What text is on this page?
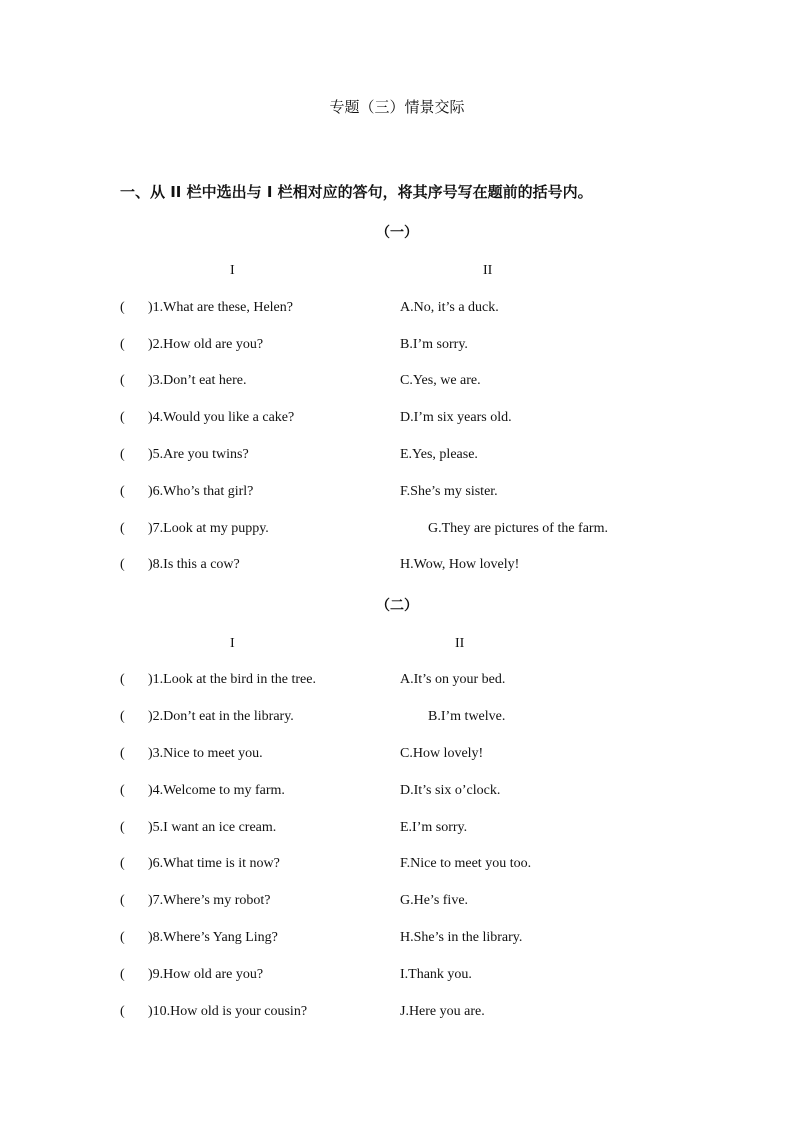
专题（三）情景交际
一、从 II 栏中选出与 I 栏相对应的答句，将其序号写在题前的括号内。
（一）
I	II
( )1.What are these, Helen?	A.No, it’s a duck.
( )2.How old are you?	B.I’m sorry.
( )3.Don’t eat here.	C.Yes, we are.
( )4.Would you like a cake?	D.I’m six years old.
( )5.Are you twins?	E.Yes, please.
( )6.Who’s that girl?	F.She’s my sister.
( )7.Look at my puppy.	G.They are pictures of the farm.
( )8.Is this a cow?	H.Wow, How lovely!
（二）
I	II
( )1.Look at the bird in the tree.	A.It’s on your bed.
( )2.Don’t eat in the library.	B.I’m twelve.
( )3.Nice to meet you.	C.How lovely!
( )4.Welcome to my farm.	D.It’s six o’clock.
( )5.I want an ice cream.	E.I’m sorry.
( )6.What time is it now?	F.Nice to meet you too.
( )7.Where’s my robot?	G.He’s five.
( )8.Where’s Yang Ling?	H.She’s in the library.
( )9.How old are you?	I.Thank you.
( )10.How old is your cousin?	J.Here you are.
